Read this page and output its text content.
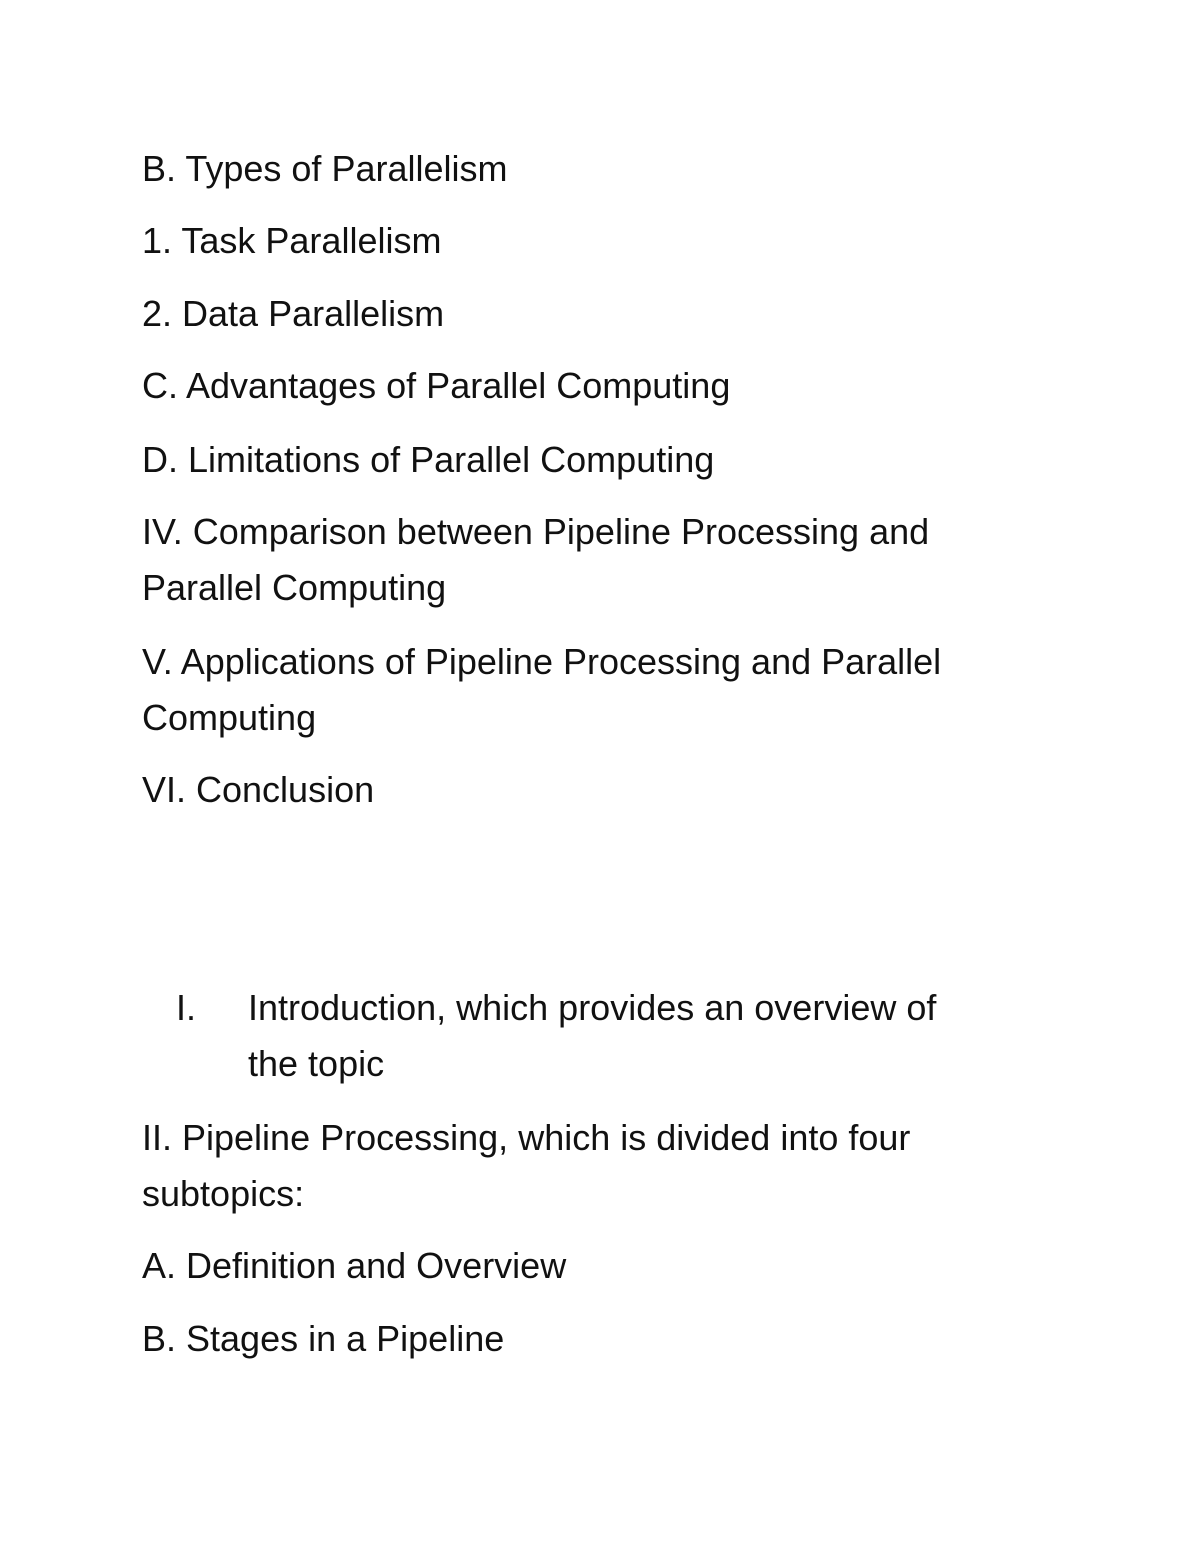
B. Types of Parallelism
1. Task Parallelism
2. Data Parallelism
C. Advantages of Parallel Computing
D. Limitations of Parallel Computing
IV. Comparison between Pipeline Processing and
Parallel Computing
V. Applications of Pipeline Processing and Parallel
Computing
VI. Conclusion
I.	Introduction, which provides an overview of
the topic
II. Pipeline Processing, which is divided into four
subtopics:
A. Definition and Overview
B. Stages in a Pipeline
